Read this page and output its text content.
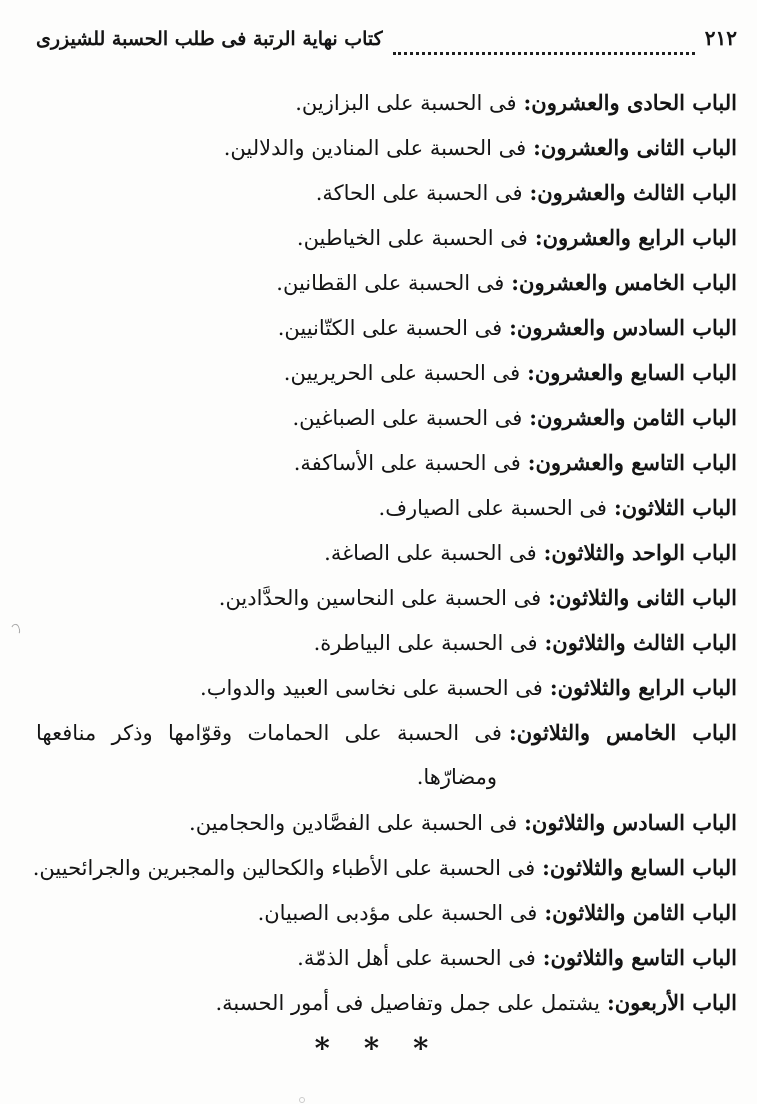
٢١٢
كتاب نهاية الرتبة فى طلب الحسبة للشيزرى
الباب الحادى والعشرون:فى الحسبة على البزازين.
الباب الثانى والعشرون:فى الحسبة على المنادين والدلالين.
الباب الثالث والعشرون:فى الحسبة على الحاكة.
الباب الرابع والعشرون:فى الحسبة على الخياطين.
الباب الخامس والعشرون:فى الحسبة على القطانين.
الباب السادس والعشرون:فى الحسبة على الكتّانيين.
الباب السابع والعشرون:فى الحسبة على الحريريين.
الباب الثامن والعشرون:فى الحسبة على الصباغين.
الباب التاسع والعشرون:فى الحسبة على الأساكفة.
الباب الثلاثون:فى الحسبة على الصيارف.
الباب الواحد والثلاثون:فى الحسبة على الصاغة.
الباب الثانى والثلاثون:فى الحسبة على النحاسين والحدَّادين.
الباب الثالث والثلاثون:فى الحسبة على البياطرة.
الباب الرابع والثلاثون:فى الحسبة على نخاسى العبيد والدواب.
الباب الخامس والثلاثون:فى الحسبة على الحمامات وقوّامها وذكر منافعها
ومضارّها.
الباب السادس والثلاثون:فى الحسبة على الفصَّادين والحجامين.
الباب السابع والثلاثون:فى الحسبة على الأطباء والكحالين والمجبرين والجرائحيين.
الباب الثامن والثلاثون:فى الحسبة على مؤدبى الصبيان.
الباب التاسع والثلاثون:فى الحسبة على أهل الذمّة.
الباب الأربعون:يشتمل على جمل وتفاصيل فى أمور الحسبة.
* * *
